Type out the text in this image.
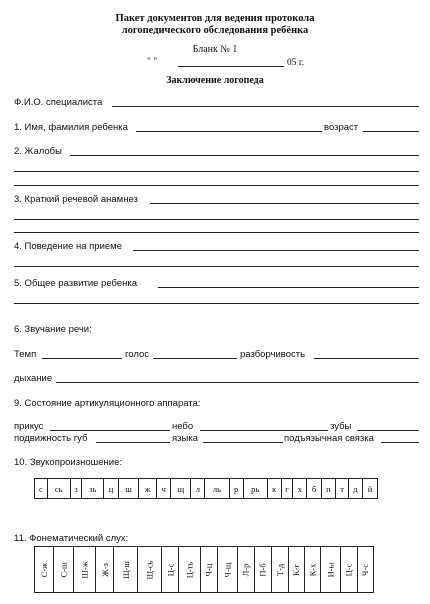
Пакет документов для ведения протокола
логопедического обследования ребёнка
Бланк № 1
" "	05 г.
Заключение логопеда
Ф.И.О. специалиста
1. Имя, фамилия ребенка	возраст
2. Жалобы
3. Краткий речевой анамнез
4. Поведение на приеме
5. Общее развитие ребенка
6. Звучание речи:
Темп	голос	разборчивость
дыхание
9. Состояние артикуляционного аппарата:
прикус	небо	зубы
подвижность губ	языка	подъязычная связка
10. Звукопроизношение:
с	сь	з	зь	ц	ш	ж	ч	щ	л	ль	р	рь	к	г	х	б	п	т	д	й
11. Фонематический слух:
С-ж	С-ш	Ш-ж	Ж-з	Щ-ш	Щ-сь	Ц-с	Ц-ть	Ч-ц	Ч-щ	Л-р	П-б	Т-д	К-г	К-х	И-ы	Ц-с	Ч-с
